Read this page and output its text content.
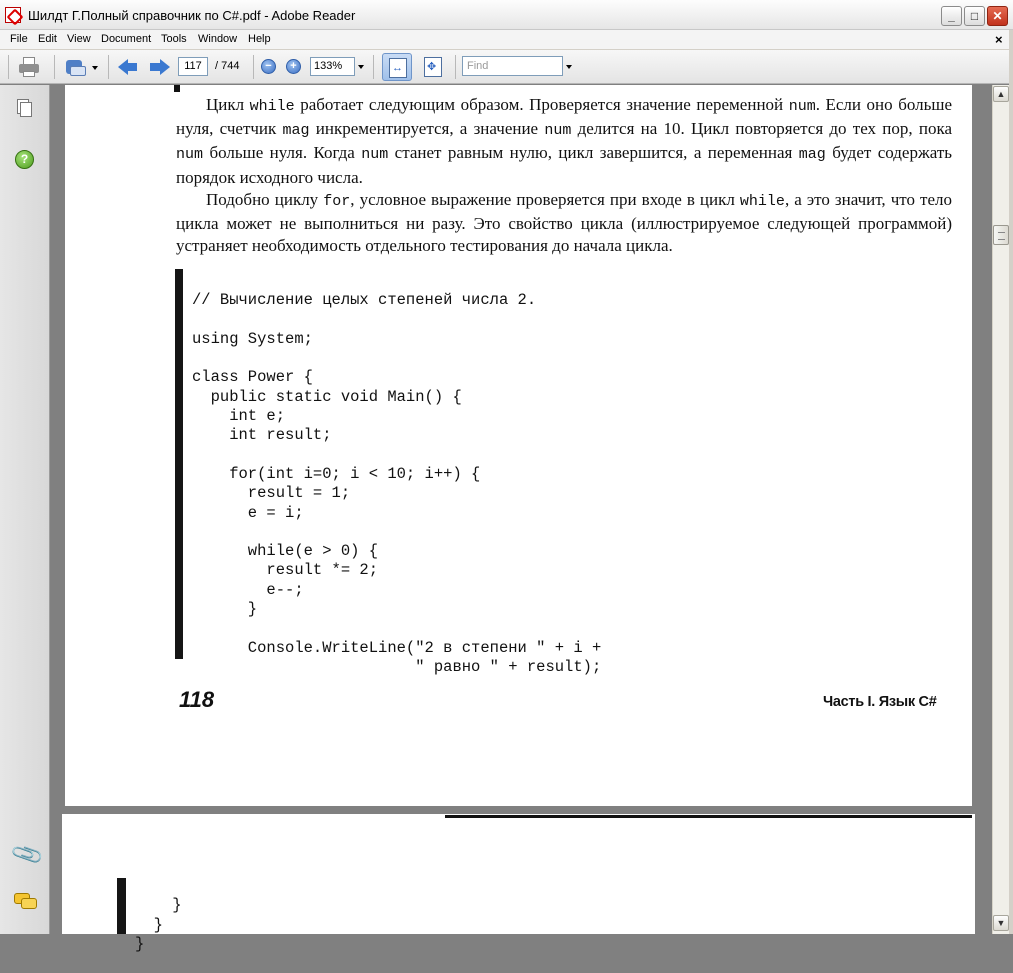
Шилдт Г.Полный справочник по C#.pdf - Adobe Reader	_	□	✕
File Edit View Document Tools Window Help	×
117	/ 744	−	+	133% ↔ ✥	Find
?
📎

Цикл while работает следующим образом. Проверяется значение переменной num. Если оно больше нуля, счетчик mag инкрементируется, а значение num делится на 10. Цикл повторяется до тех пор, пока num больше нуля. Когда num станет равным нулю, цикл завершится, а переменная mag будет содержать порядок исходного числа.

Подобно циклу for, условное выражение проверяется при входе в цикл while, а это значит, что тело цикла может не выполниться ни разу. Это свойство цикла (иллюстрируемое следующей программой) устраняет необходимость отдельного тестирования до начала цикла.

// Вычисление целых степеней числа 2.

using System;

class Power {
public static void Main() {
int e;
int result;

for(int i=0; i < 10; i++) {
result = 1;
e = i;

while(e > 0) {
result *= 2;
e--;
}

Console.WriteLine("2 в степени " + i +
" равно " + result);

118	Часть I. Язык C#

}
}
}

▲
▼
